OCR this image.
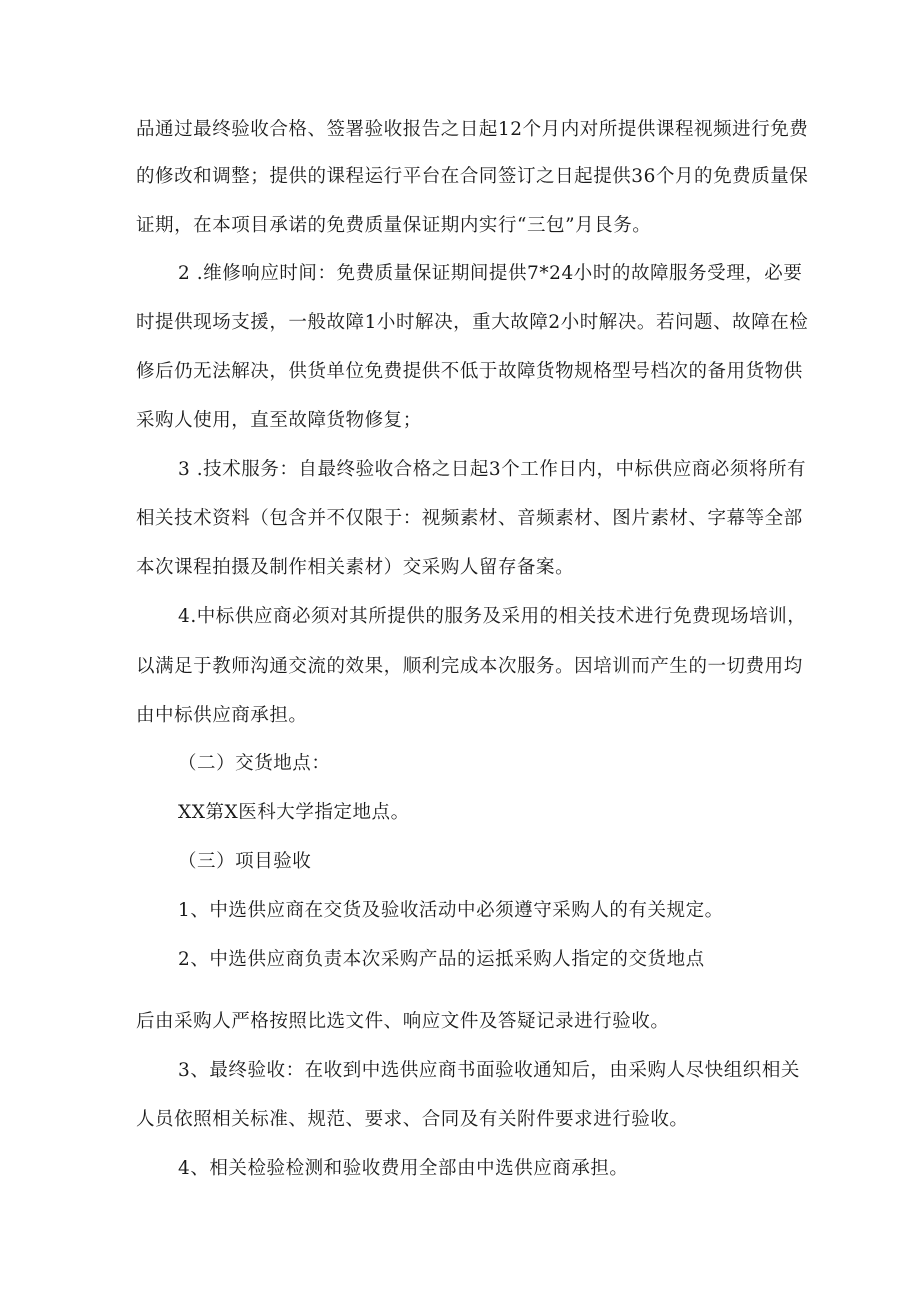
品通过最终验收合格、签署验收报告之日起12个月内对所提供课程视频进行免费
的修改和调整；提供的课程运行平台在合同签订之日起提供36个月的免费质量保
证期，在本项目承诺的免费质量保证期内实行“三包”月艮务。
2 .维修响应时间：免费质量保证期间提供7*24小时的故障服务受理，必要
时提供现场支援，一般故障1小时解决，重大故障2小时解决。若问题、故障在检
修后仍无法解决，供货单位免费提供不低于故障货物规格型号档次的备用货物供
采购人使用，直至故障货物修复；
3 .技术服务：自最终验收合格之日起3个工作日内，中标供应商必须将所有
相关技术资料（包含并不仅限于：视频素材、音频素材、图片素材、字幕等全部
本次课程拍摄及制作相关素材）交采购人留存备案。
4.中标供应商必须对其所提供的服务及采用的相关技术进行免费现场培训，
以满足于教师沟通交流的效果，顺利完成本次服务。因培训而产生的一切费用均
由中标供应商承担。
（二）交货地点：
XX第X医科大学指定地点。
（三）项目验收
1、中选供应商在交货及验收活动中必须遵守采购人的有关规定。
2、中选供应商负责本次采购产品的运抵采购人指定的交货地点
后由采购人严格按照比选文件、响应文件及答疑记录进行验收。
3、最终验收：在收到中选供应商书面验收通知后，由采购人尽快组织相关
人员依照相关标准、规范、要求、合同及有关附件要求进行验收。
4、相关检验检测和验收费用全部由中选供应商承担。
